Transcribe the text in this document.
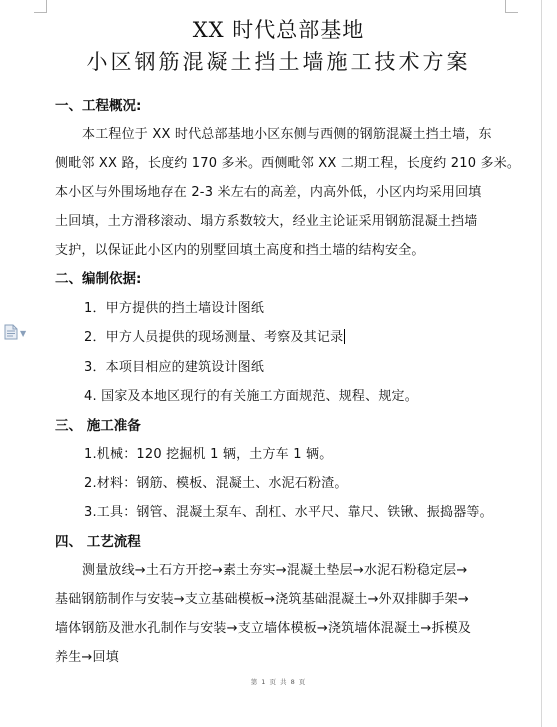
XX 时代总部基地
小区钢筋混凝土挡土墙施工技术方案
一、工程概况:
本工程位于 XX 时代总部基地小区东侧与西侧的钢筋混凝土挡土墙，东
侧毗邻 XX 路，长度约 170 多米。西侧毗邻 XX 二期工程，长度约 210 多米。
本小区与外围场地存在 2-3 米左右的高差，内高外低，小区内均采用回填
土回填，土方滑移滚动、塌方系数较大，经业主论证采用钢筋混凝土挡墙
支护，以保证此小区内的别墅回填土高度和挡土墙的结构安全。
二、编制依据:
1．甲方提供的挡土墙设计图纸
2．甲方人员提供的现场测量、考察及其记录
3．本项目相应的建筑设计图纸
4. 国家及本地区现行的有关施工方面规范、规程、规定。
三、 施工准备
1.机械：120 挖掘机 1 辆，土方车 1 辆。
2.材料：钢筋、模板、混凝土、水泥石粉渣。
3.工具：钢管、混凝土泵车、刮杠、水平尺、靠尺、铁锹、振捣器等。
四、 工艺流程
测量放线→土石方开挖→素土夯实→混凝土垫层→水泥石粉稳定层→
基础钢筋制作与安装→支立基础模板→浇筑基础混凝土→外双排脚手架→
墙体钢筋及泄水孔制作与安装→支立墙体模板→浇筑墙体混凝土→拆模及
养生→回填
▼
第 1 页 共 8 页
